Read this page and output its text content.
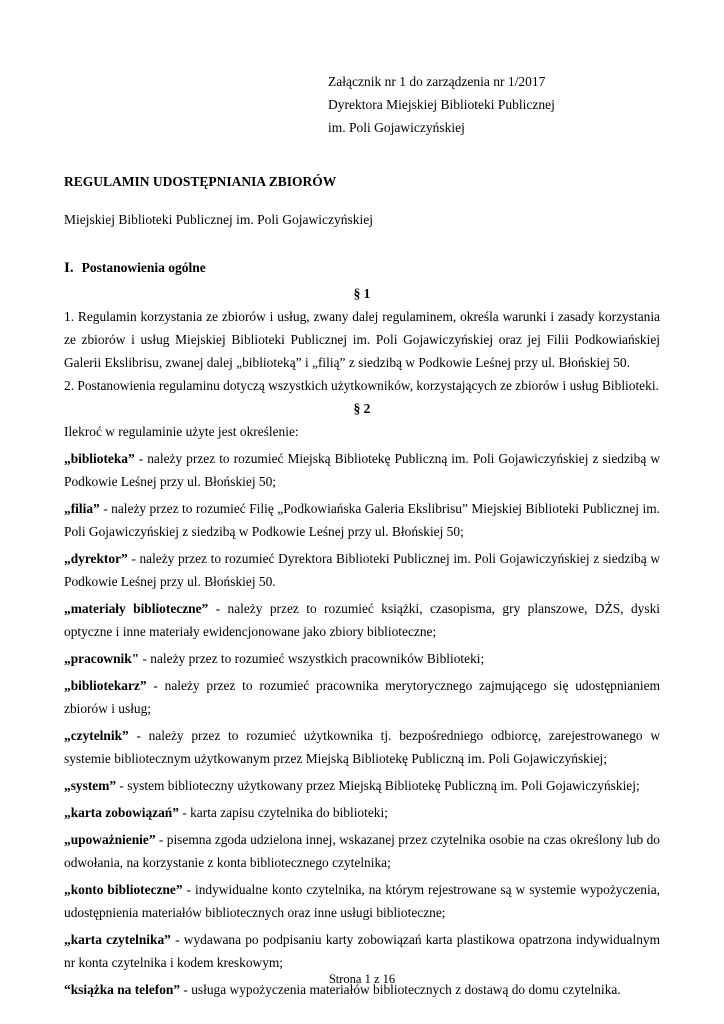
Załącznik nr 1 do zarządzenia nr 1/2017
Dyrektora Miejskiej Biblioteki Publicznej
im. Poli Gojawiczyńskiej
REGULAMIN UDOSTĘPNIANIA ZBIORÓW
Miejskiej Biblioteki Publicznej im. Poli Gojawiczyńskiej
I. Postanowienia ogólne
§ 1

1. Regulamin korzystania ze zbiorów i usług, zwany dalej regulaminem, określa warunki i zasady korzystania ze zbiorów i usług Miejskiej Biblioteki Publicznej im. Poli Gojawiczyńskiej oraz jej Filii Podkowiańskiej Galerii Ekslibrisu, zwanej dalej „biblioteką” i „filią” z siedzibą w Podkowie Leśnej przy ul. Błońskiej 50.

2. Postanowienia regulaminu dotyczą wszystkich użytkowników, korzystających ze zbiorów i usług Biblioteki.

§ 2

Ilekroć w regulaminie użyte jest określenie:

„biblioteka” - należy przez to rozumieć Miejską Bibliotekę Publiczną im. Poli Gojawiczyńskiej z siedzibą w Podkowie Leśnej przy ul. Błońskiej 50;

„filia” - należy przez to rozumieć Filię „Podkowiańska Galeria Ekslibrisu” Miejskiej Biblioteki Publicznej im. Poli Gojawiczyńskiej z siedzibą w Podkowie Leśnej przy ul. Błońskiej 50;

„dyrektor” - należy przez to rozumieć Dyrektora Biblioteki Publicznej im. Poli Gojawiczyńskiej z siedzibą w Podkowie Leśnej przy ul. Błońskiej 50.

„materiały biblioteczne” - należy przez to rozumieć książki, czasopisma, gry planszowe, DŻS, dyski optyczne i inne materiały ewidencjonowane jako zbiory biblioteczne;

„pracownik" - należy przez to rozumieć wszystkich pracowników Biblioteki;

„bibliotekarz” - należy przez to rozumieć pracownika merytorycznego zajmującego się udostępnianiem zbiorów i usług;

„czytelnik” - należy przez to rozumieć użytkownika tj. bezpośredniego odbiorcę, zarejestrowanego w systemie bibliotecznym użytkowanym przez Miejską Bibliotekę Publiczną im. Poli Gojawiczyńskiej;

„system” - system biblioteczny użytkowany przez Miejską Bibliotekę Publiczną im. Poli Gojawiczyńskiej;

„karta zobowiązań” - karta zapisu czytelnika do biblioteki;

„upoważnienie” - pisemna zgoda udzielona innej, wskazanej przez czytelnika osobie na czas określony lub do odwołania, na korzystanie z konta bibliotecznego czytelnika;

„konto biblioteczne” - indywidualne konto czytelnika, na którym rejestrowane są w systemie wypożyczenia, udostępnienia materiałów bibliotecznych oraz inne usługi biblioteczne;

„karta czytelnika” - wydawana po podpisaniu karty zobowiązań karta plastikowa opatrzona indywidualnym nr konta czytelnika i kodem kreskowym;

“książka na telefon” - usługa wypożyczenia materiałów bibliotecznych z dostawą do domu czytelnika.

Strona 1 z 16
